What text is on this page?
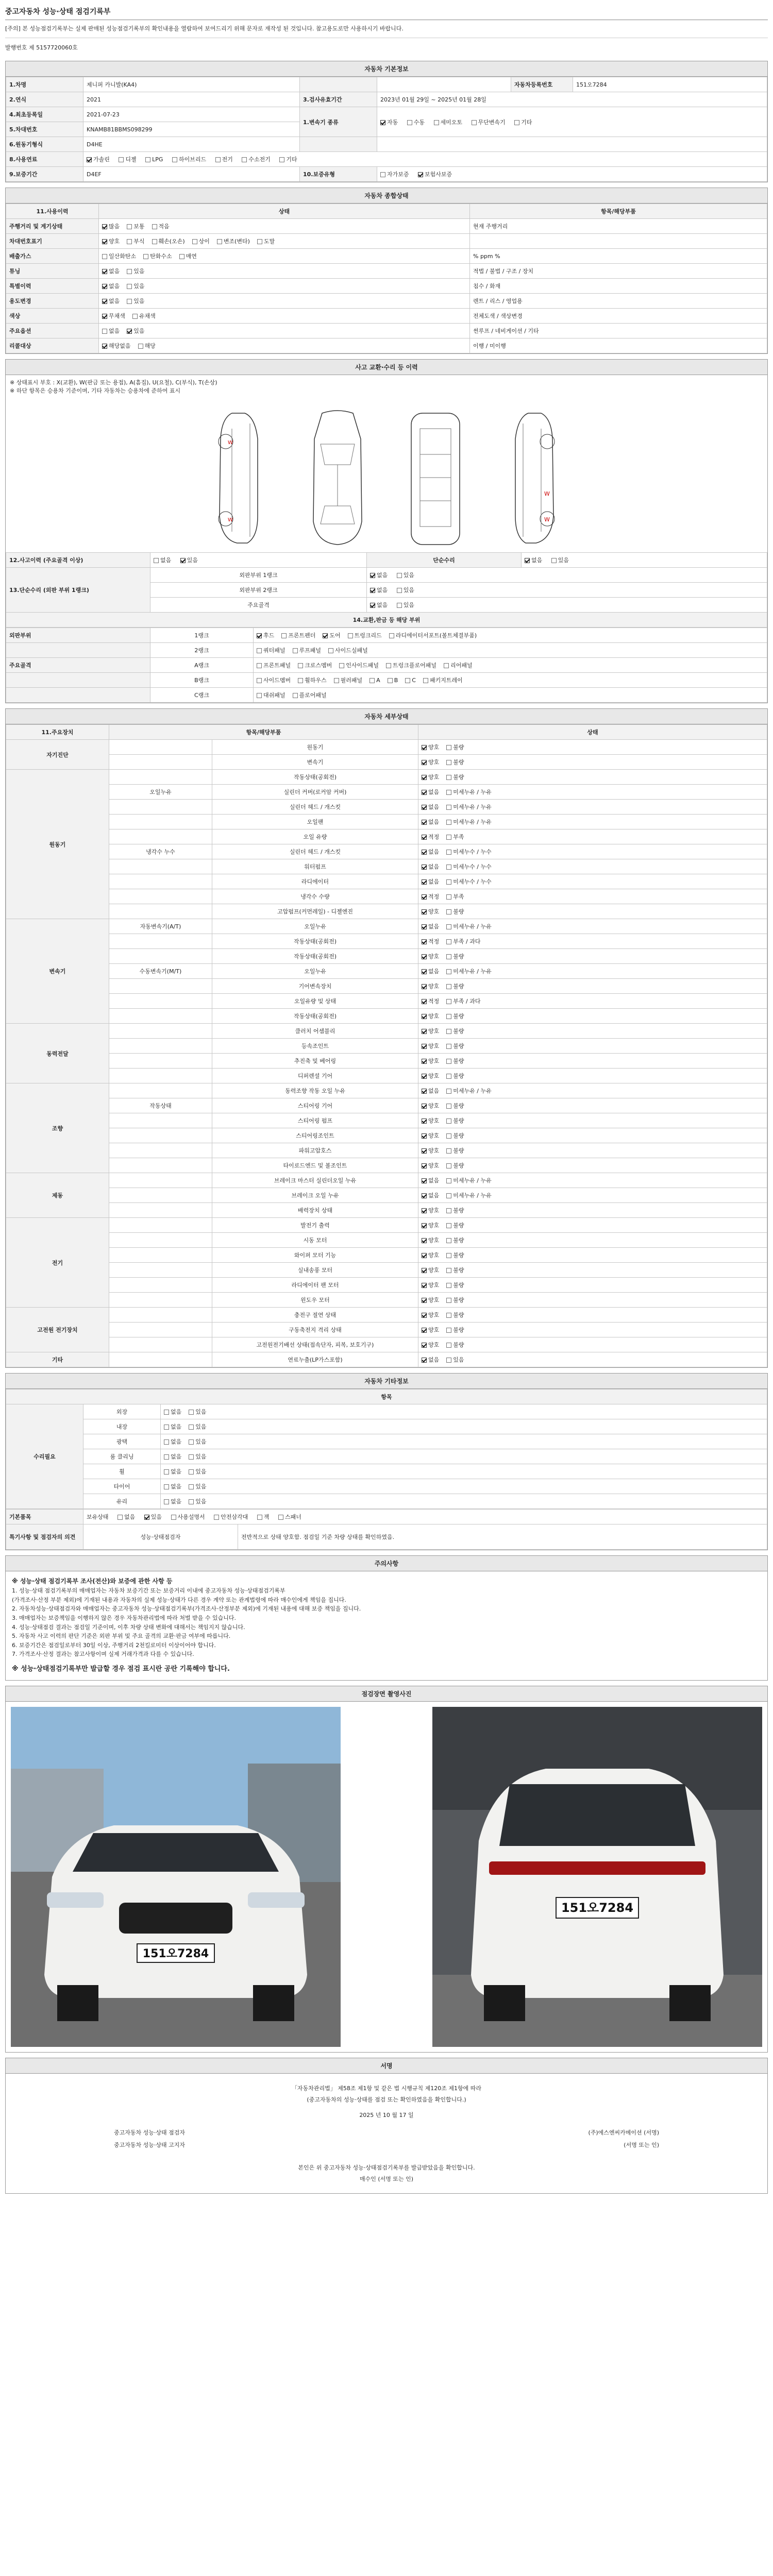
중고자동차 성능·상태 점검기록부
[주의] 본 성능점검기록부는 실제 판매된 성능점검기록부의 확인내용을 열람하여 보여드리기 위해 문자로 재작성 된 것입니다. 참고용도로만 사용하시기 바랍니다.
발행번호 제 5157720060호
자동차 기본정보
1.차명	제니퍼 카니발(KA4)			자동차등록번호	151오7284
2.연식	2021	3.검사유효기간	2023년 01월 29일 ~ 2025년 01월 28일		
4.최초등록일	2021-07-23	1.변속기 종류	자동 수동 세미오토 무단변속기 기타		
5.차대번호	KNAMB81BBMS098299				
6.원동기형식	D4HE				
8.사용연료	가솔린 디젤 LPG 하이브리드 전기 수소전기 기타				
9.보증기간	D4EF	10.보증유형	자가보증 보험사보증		
자동차 종합상태
11.사용이력	상태	항목/해당부품
주행거리 및 계기상태	많음 보통 적음	현재 주행거리
차대번호표기	양호 부식 훼손(오손) 상이 변조(변타) 도말	
배출가스	일산화탄소 탄화수소 매연	% ppm %
튜닝	없음 있음	적법 / 불법 / 구조 / 장치
특별이력	없음 있음	침수 / 화재
용도변경	없음 있음	렌트 / 리스 / 영업용
색상	무채색 유채색	전체도색 / 색상변경
주요옵션	없음 있음	썬루프 / 네비게이션 / 기타
리콜대상	해당없음 해당	이행 / 미이행
사고 교환·수리 등 이력
※ 상태표시 부호 : X(교환), W(판금 또는 용접), A(흠집), U(요철), C(부식), T(손상)
※ 하단 항목은 승용차 기준이며, 기타 자동차는 승용차에 준하여 표시
W
W
W
W
12.사고이력 (주요골격 이상)	없음 있음	단순수리	없음 있음
13.단순수리 (외판 부위 1랭크)	외판부위 1랭크	없음 있음	
	외판부위 2랭크	없음 있음	
	주요골격	없음 있음	
14.교환,판금 등 해당 부위			
외판부위	1랭크	후드 프론트펜더 도어 트렁크리드 라디에이터서포트(볼트체결부품)
	2랭크	쿼터패널 루프패널 사이드실패널
주요골격	A랭크	프론트패널 크로스멤버 인사이드패널 트렁크플로어패널 리어패널
	B랭크	사이드멤버 휠하우스 필러패널 A B C 패키지트레이
	C랭크	대쉬패널 플로어패널
자동차 세부상태
11.주요장치	항목/해당부품		상태
자기진단		원동기	양호 불량
		변속기	양호 불량
원동기		작동상태(공회전)	양호 불량
	오일누유	실린더 커버(로커암 커버)	없음 미세누유 / 누유
		실린더 헤드 / 개스킷	없음 미세누유 / 누유
		오일팬	없음 미세누유 / 누유
		오일 유량	적정 부족
	냉각수 누수	실린더 헤드 / 개스킷	없음 미세누수 / 누수
		워터펌프	없음 미세누수 / 누수
		라디에이터	없음 미세누수 / 누수
		냉각수 수량	적정 부족
		고압펌프(커먼레일) - 디젤엔진	양호 불량
변속기	자동변속기(A/T)	오일누유	없음 미세누유 / 누유
		작동상태(공회전)	적정 부족 / 과다
		작동상태(공회전)	양호 불량
	수동변속기(M/T)	오일누유	없음 미세누유 / 누유
		기어변속장치	양호 불량
		오일유량 및 상태	적정 부족 / 과다
		작동상태(공회전)	양호 불량
동력전달		클러치 어셈블리	양호 불량
		등속조인트	양호 불량
		추진축 및 베어링	양호 불량
		디퍼렌셜 기어	양호 불량
조향		동력조향 작동 오일 누유	없음 미세누유 / 누유
	작동상태	스티어링 기어	양호 불량
		스티어링 펌프	양호 불량
		스티어링조인트	양호 불량
		파워고압호스	양호 불량
		타이로드엔드 및 볼조인트	양호 불량
제동		브레이크 마스터 실린더오일 누유	없음 미세누유 / 누유
		브레이크 오일 누유	없음 미세누유 / 누유
		배력장치 상태	양호 불량
전기		발전기 출력	양호 불량
		시동 모터	양호 불량
		와이퍼 모터 기능	양호 불량
		실내송풍 모터	양호 불량
		라디에이터 팬 모터	양호 불량
		윈도우 모터	양호 불량
고전원 전기장치		충전구 절연 상태	양호 불량
		구동축전지 격리 상태	양호 불량
		고전원전기배선 상태(접속단자, 피복, 보호기구)	양호 불량
기타		연료누출(LP가스포함)	없음 있음
자동차 기타정보
항목		
수리필요	외장	없음 있음
	내장	없음 있음
	광택	없음 있음
	룸 클리닝	없음 있음
	휠	없음 있음
	타이어	없음 있음
	유리	없음 있음
기본품목	보유상태 없음 있음 사용설명서 안전삼각대 잭 스패너	
특기사항 및 점검자의 의견	성능·상태점검자	전반적으로 상태 양호함. 점검일 기준 차량 상태를 확인하였음.
주의사항
※ 성능·상태 점검기록부 조사(전산)와 보증에 관한 사항 등
1. 성능·상태 점검기록부의 매매업자는 자동차 보증기간 또는 보증거리 이내에 중고자동차 성능·상태점검기록부
(가격조사·산정 부분 제외)에 기재된 내용과 자동차의 실제 성능·상태가 다른 경우 계약 또는 관계법령에 따라 매수인에게 책임을 집니다.
2. 자동차성능·상태점검자와 매매업자는 중고자동차 성능·상태점검기록부(가격조사·산정부분 제외)에 기재된 내용에 대해 보증 책임을 집니다.
3. 매매업자는 보증책임을 이행하지 않은 경우 자동차관리법에 따라 처벌 받을 수 있습니다.
4. 성능·상태점검 결과는 점검일 기준이며, 이후 차량 상태 변화에 대해서는 책임지지 않습니다.
5. 자동차 사고 이력의 판단 기준은 외판 부위 및 주요 골격의 교환·판금 여부에 따릅니다.
6. 보증기간은 점검일로부터 30일 이상, 주행거리 2천킬로미터 이상이어야 합니다.
7. 가격조사·산정 결과는 참고사항이며 실제 거래가격과 다를 수 있습니다.
※ 성능·상태점검기록부만 발급할 경우 점검 표시란 공란 기록해야 합니다.
점검장면 촬영사진
151오7284
151오7284
서명
「자동차관리법」 제58조 제1항 및 같은 법 시행규칙 제120조 제1항에 따라
(중고자동차의 성능·상태를 점검 또는 확인하였음을 확인합니다.)
2025 년 10 월 17 일
중고자동차 성능·상태 점검자	(주)에스엔씨카메이션 (서명)
중고자동차 성능·상태 고지자	(서명 또는 인)
본인은 위 중고자동차 성능·상태점검기록부를 발급받았음을 확인합니다.
매수인 (서명 또는 인)
